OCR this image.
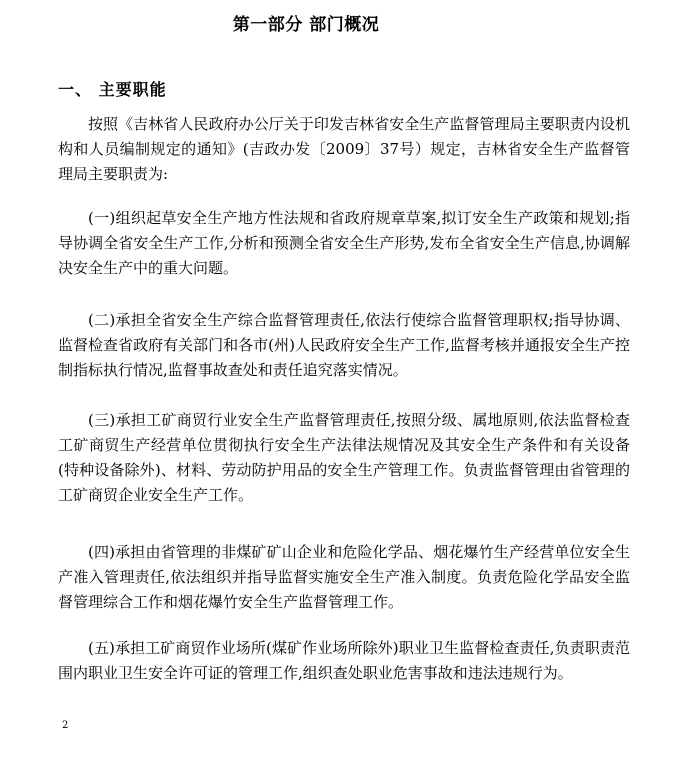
第一部分 部门概况
一、 主要职能

按照《吉林省人民政府办公厅关于印发吉林省安全生产监督管理局主要职责内设机构和人员编制规定的通知》(吉政办发〔2009〕37号）规定，吉林省安全生产监督管理局主要职责为:

(一)组织起草安全生产地方性法规和省政府规章草案,拟订安全生产政策和规划;指导协调全省安全生产工作,分析和预测全省安全生产形势,发布全省安全生产信息,协调解决安全生产中的重大问题。

(二)承担全省安全生产综合监督管理责任,依法行使综合监督管理职权;指导协调、监督检查省政府有关部门和各市(州)人民政府安全生产工作,监督考核并通报安全生产控制指标执行情况,监督事故查处和责任追究落实情况。

(三)承担工矿商贸行业安全生产监督管理责任,按照分级、属地原则,依法监督检查工矿商贸生产经营单位贯彻执行安全生产法律法规情况及其安全生产条件和有关设备(特种设备除外)、材料、劳动防护用品的安全生产管理工作。负责监督管理由省管理的工矿商贸企业安全生产工作。

(四)承担由省管理的非煤矿矿山企业和危险化学品、烟花爆竹生产经营单位安全生产准入管理责任,依法组织并指导监督实施安全生产准入制度。负责危险化学品安全监督管理综合工作和烟花爆竹安全生产监督管理工作。

(五)承担工矿商贸作业场所(煤矿作业场所除外)职业卫生监督检查责任,负责职责范围内职业卫生安全许可证的管理工作,组织查处职业危害事故和违法违规行为。

2
